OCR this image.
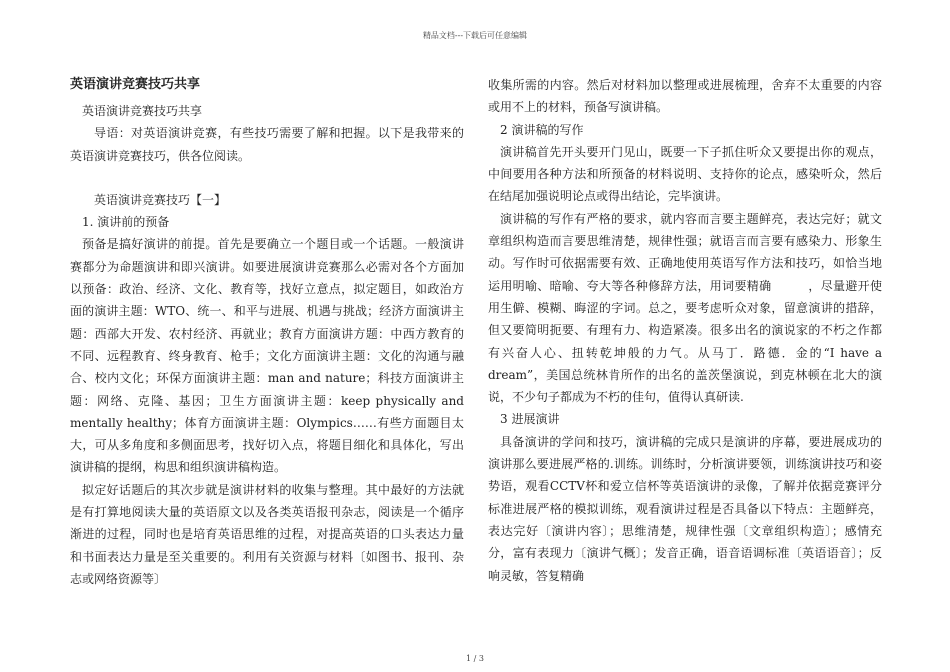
精品文档---下载后可任意编辑

英语演讲竞赛技巧共享

英语演讲竞赛技巧共享

导语：对英语演讲竞赛，有些技巧需要了解和把握。以下是我带来的英语演讲竞赛技巧，供各位阅读。

英语演讲竞赛技巧【一】

1. 演讲前的预备

预备是搞好演讲的前提。首先是要确立一个题目或一个话题。一般演讲赛都分为命题演讲和即兴演讲。如要进展演讲竞赛那么必需对各个方面加以预备：政治、经济、文化、教育等，找好立意点，拟定题目，如政治方面的演讲主题：WTO、统一、和平与进展、机遇与挑战；经济方面演讲主题：西部大开发、农村经济、再就业；教育方面演讲方题：中西方教育的不同、远程教育、终身教育、枪手；文化方面演讲主题：文化的沟通与融合、校内文化；环保方面演讲主题：man and nature；科技方面演讲主题：网络、克隆、基因；卫生方面演讲主题：keep physically and mentally healthy；体育方面演讲主题：Olympics……有些方面题目太大，可从多角度和多侧面思考，找好切入点，将题目细化和具体化，写出演讲稿的提纲，构思和组织演讲稿构造。

拟定好话题后的其次步就是演讲材料的收集与整理。其中最好的方法就是有打算地阅读大量的英语原文以及各类英语报刊杂志，阅读是一个循序渐进的过程，同时也是培育英语思维的过程，对提高英语的口头表达力量和书面表达力量是至关重要的。利用有关资源与材料〔如图书、报刊、杂志或网络资源等〕

收集所需的内容。然后对材料加以整理或进展梳理，舍弃不太重要的内容或用不上的材料，预备写演讲稿。

2 演讲稿的写作

演讲稿首先开头要开门见山，既要一下子抓住听众又要提出你的观点，中间要用各种方法和所预备的材料说明、支持你的论点，感染听众，然后在结尾加强说明论点或得出结论，完毕演讲。

演讲稿的写作有严格的要求，就内容而言要主题鲜亮，表达完好；就文章组织构造而言要思维清楚，规律性强；就语言而言要有感染力、形象生动。写作时可依据需要有效、正确地使用英语写作方法和技巧，如恰当地运用明喻、暗喻、夸大等各种修辞方法，用词要精确　　　，尽量避开使用生僻、模糊、晦涩的字词。总之，要考虑听众对象，留意演讲的措辞，但又要简明扼要、有理有力、构造紧凑。很多出名的演说家的不朽之作都有兴奋人心、扭转乾坤般的力气。从马丁．路德．金的“I have a dream”，美国总统林肯所作的出名的盖茨堡演说，到克林顿在北大的演说，不少句子都成为不朽的佳句，值得认真研读.

3 进展演讲

具备演讲的学问和技巧，演讲稿的完成只是演讲的序幕，要进展成功的演讲那么要进展严格的.训练。训练时，分析演讲要领，训练演讲技巧和姿势语，观看CCTV杯和爱立信杯等英语演讲的录像，了解并依据竞赛评分标准进展严格的模拟训练，观看演讲过程是否具备以下特点：主题鲜亮，表达完好〔演讲内容〕；思维清楚，规律性强〔文章组织构造〕；感情充分，富有表现力〔演讲气概〕；发音正确，语音语调标准〔英语语音〕；反响灵敏，答复精确

1 / 3
